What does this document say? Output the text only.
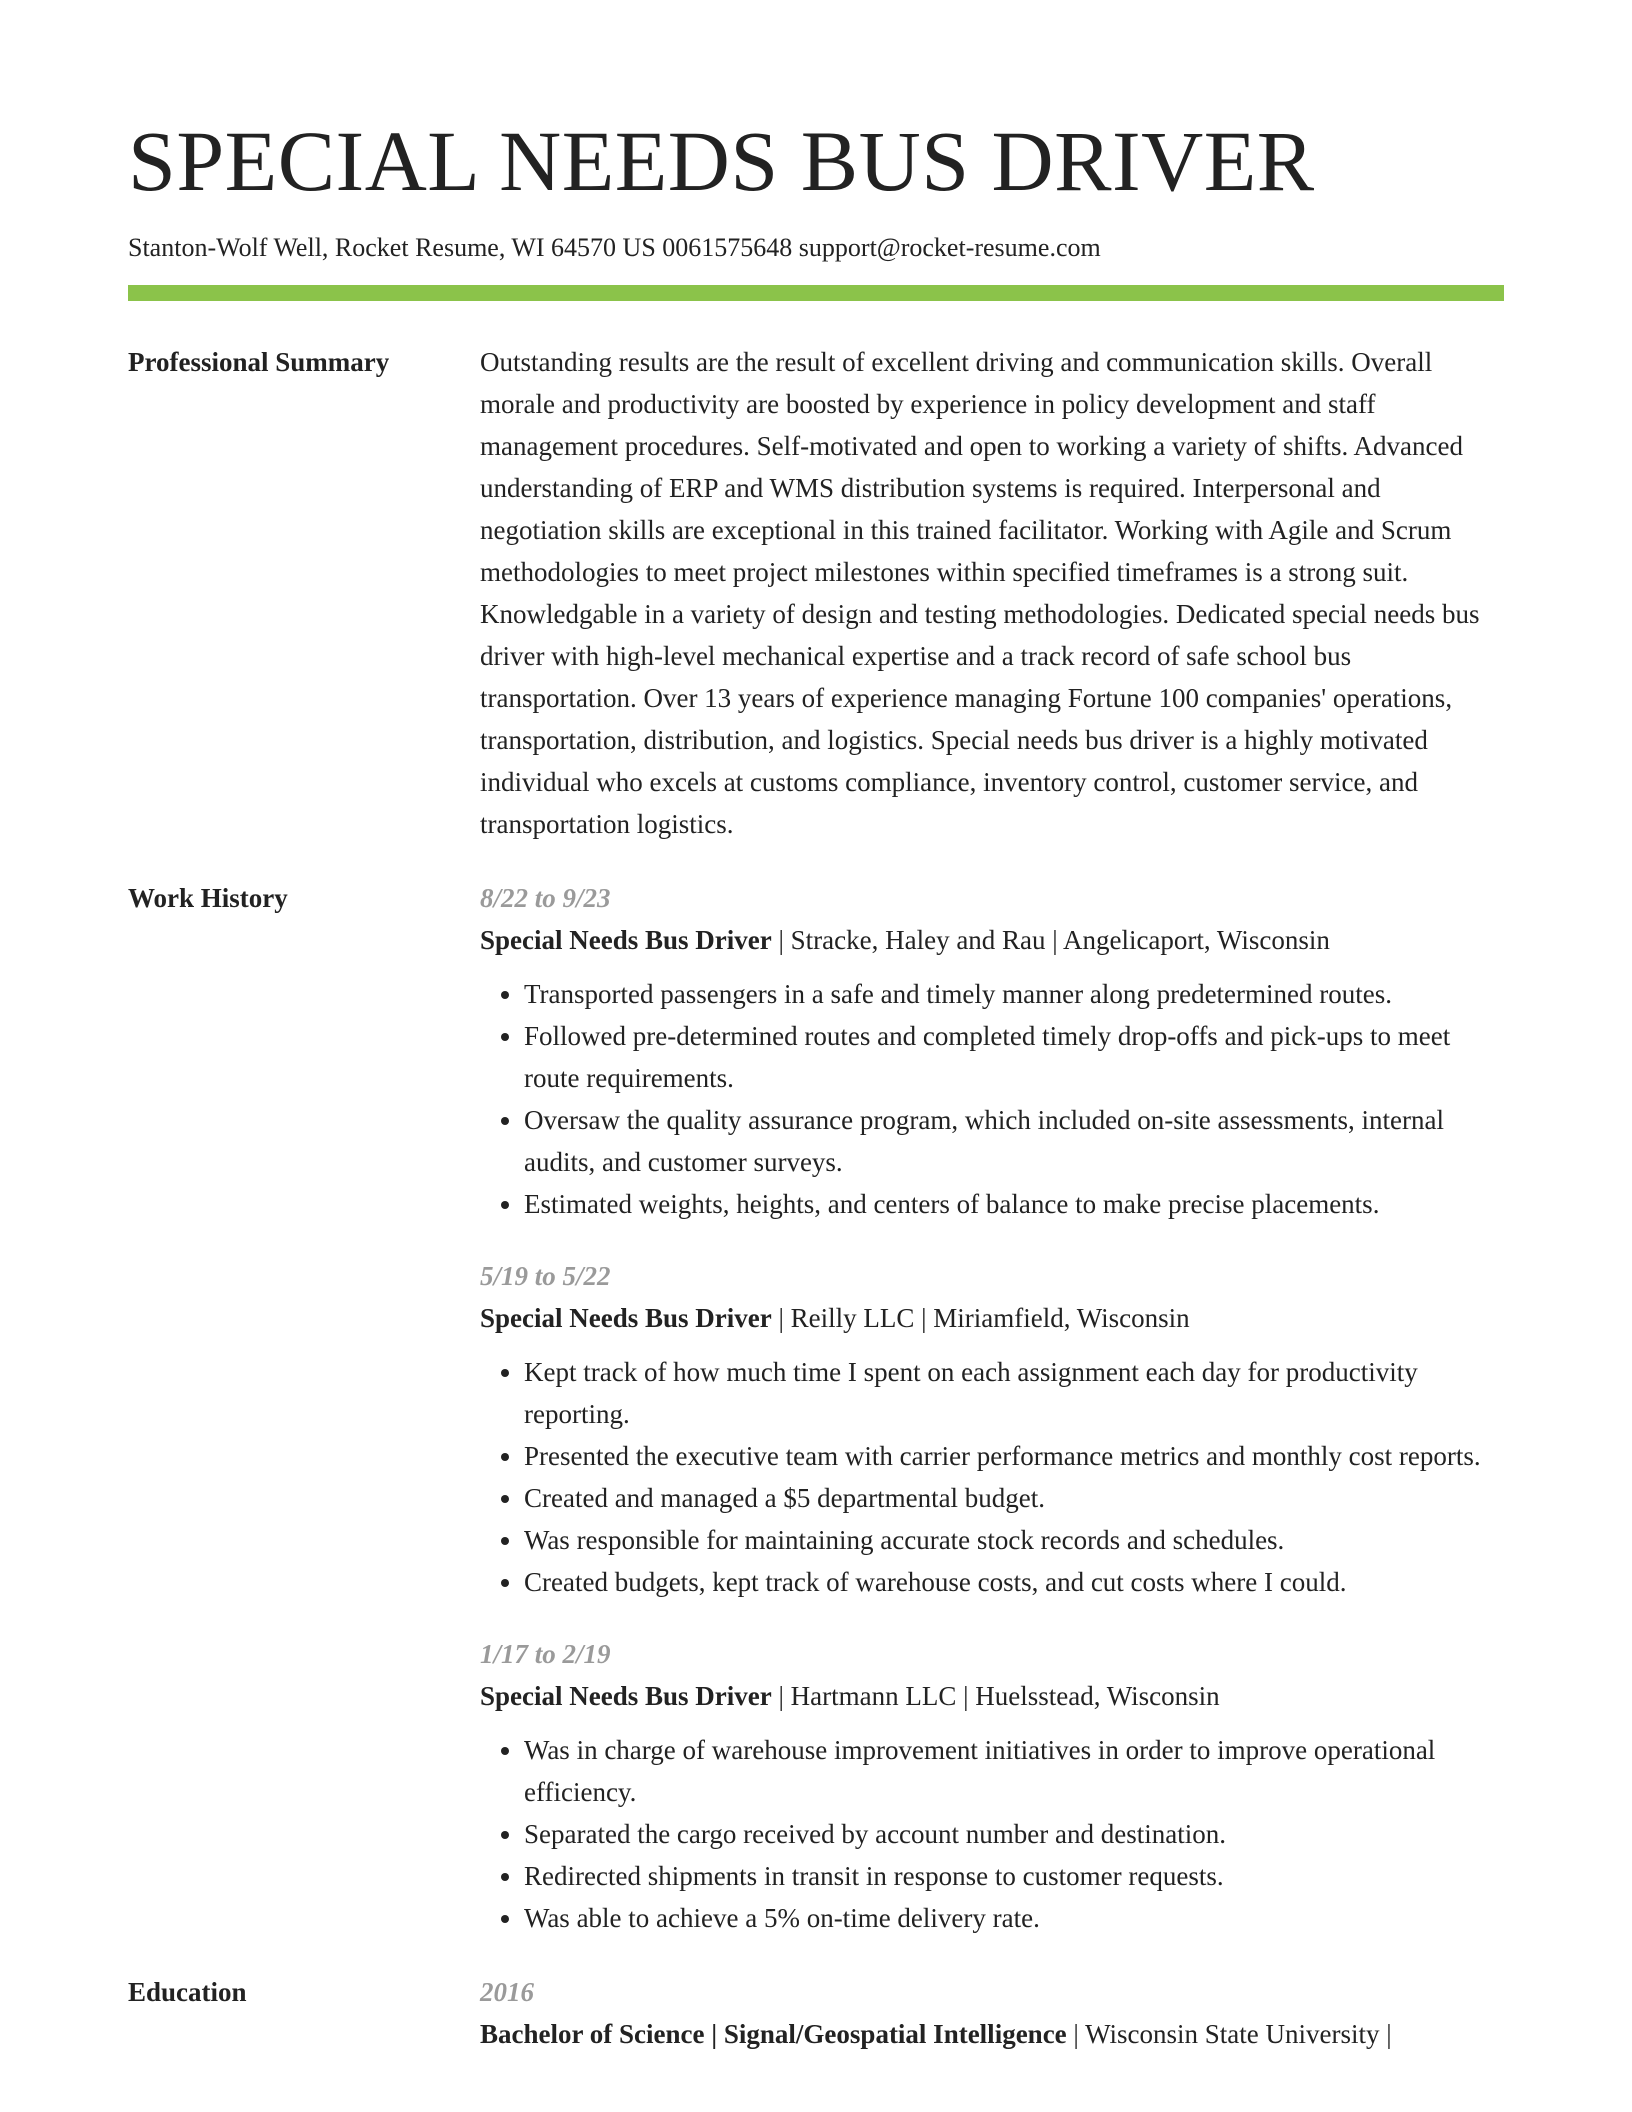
SPECIAL NEEDS BUS DRIVER
Stanton-Wolf Well, Rocket Resume, WI 64570 US 0061575648 support@rocket-resume.com
Professional Summary	Outstanding results are the result of excellent driving and communication skills. Overall morale and productivity are boosted by experience in policy development and staff management procedures. Self-motivated and open to working a variety of shifts. Advanced understanding of ERP and WMS distribution systems is required. Interpersonal and negotiation skills are exceptional in this trained facilitator. Working with Agile and Scrum methodologies to meet project milestones within specified timeframes is a strong suit. Knowledgable in a variety of design and testing methodologies. Dedicated special needs bus driver with high-level mechanical expertise and a track record of safe school bus transportation. Over 13 years of experience managing Fortune 100 companies' operations, transportation, distribution, and logistics. Special needs bus driver is a highly motivated individual who excels at customs compliance, inventory control, customer service, and transportation logistics.

Work History	8/22 to 9/23
Special Needs Bus Driver | Stracke, Haley and Rau | Angelicaport, Wisconsin
• Transported passengers in a safe and timely manner along predetermined routes.
• Followed pre-determined routes and completed timely drop-offs and pick-ups to meet route requirements.
• Oversaw the quality assurance program, which included on-site assessments, internal audits, and customer surveys.
• Estimated weights, heights, and centers of balance to make precise placements.
5/19 to 5/22
Special Needs Bus Driver | Reilly LLC | Miriamfield, Wisconsin
• Kept track of how much time I spent on each assignment each day for productivity reporting.
• Presented the executive team with carrier performance metrics and monthly cost reports.
• Created and managed a $5 departmental budget.
• Was responsible for maintaining accurate stock records and schedules.
• Created budgets, kept track of warehouse costs, and cut costs where I could.
1/17 to 2/19
Special Needs Bus Driver | Hartmann LLC | Huelsstead, Wisconsin
• Was in charge of warehouse improvement initiatives in order to improve operational efficiency.
• Separated the cargo received by account number and destination.
• Redirected shipments in transit in response to customer requests.
• Was able to achieve a 5% on-time delivery rate.
Education	2016
Bachelor of Science | Signal/Geospatial Intelligence | Wisconsin State University |
